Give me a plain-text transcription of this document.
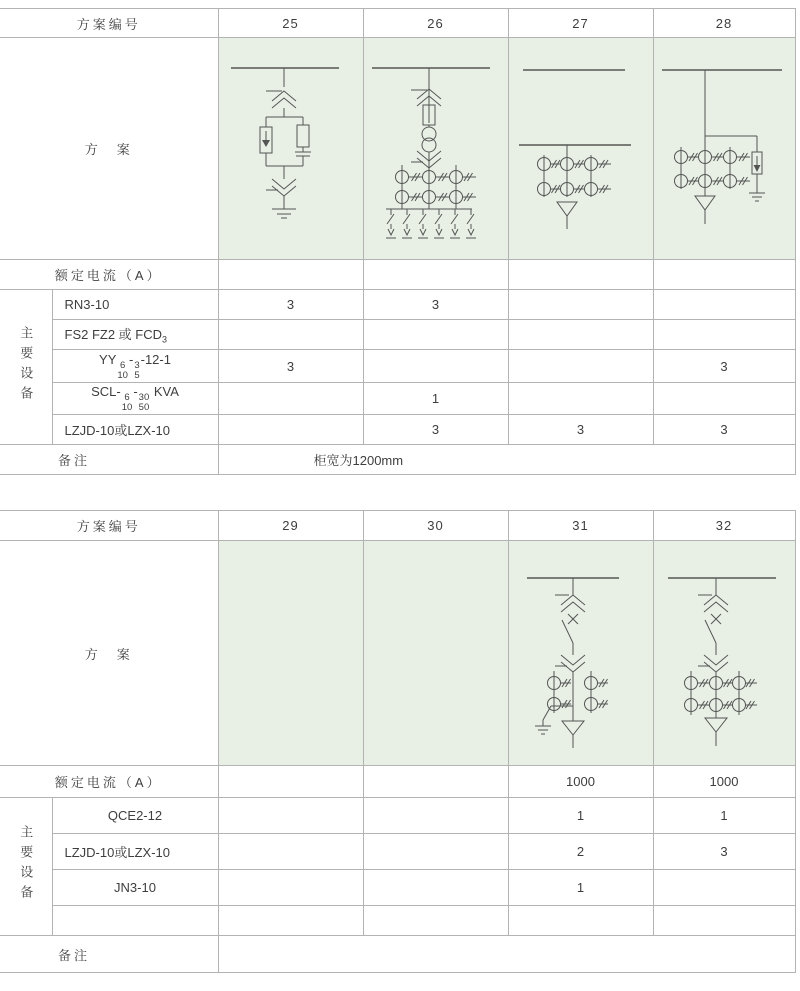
方案编号		25	26	27	28
方　案	

额定电流（A）					
主要设备	RN3-10	3	3		
	FS2 FZ2 或 $FCD_3$				
YY 6
10
- 3
5
-12-1	3			3
SCL- 6
10
- 30
50
KVA		1		
	LZJD-10或LZX-10		3	3	3
备注		柜宽为1200mm			
方案编号		29	30	31	32
方　案			

额定电流（A）				1000	1000
主要设备	QCE2-12			1	1
	LZJD-10或LZX-10			2	3
	JN3-10			1	

备注					
